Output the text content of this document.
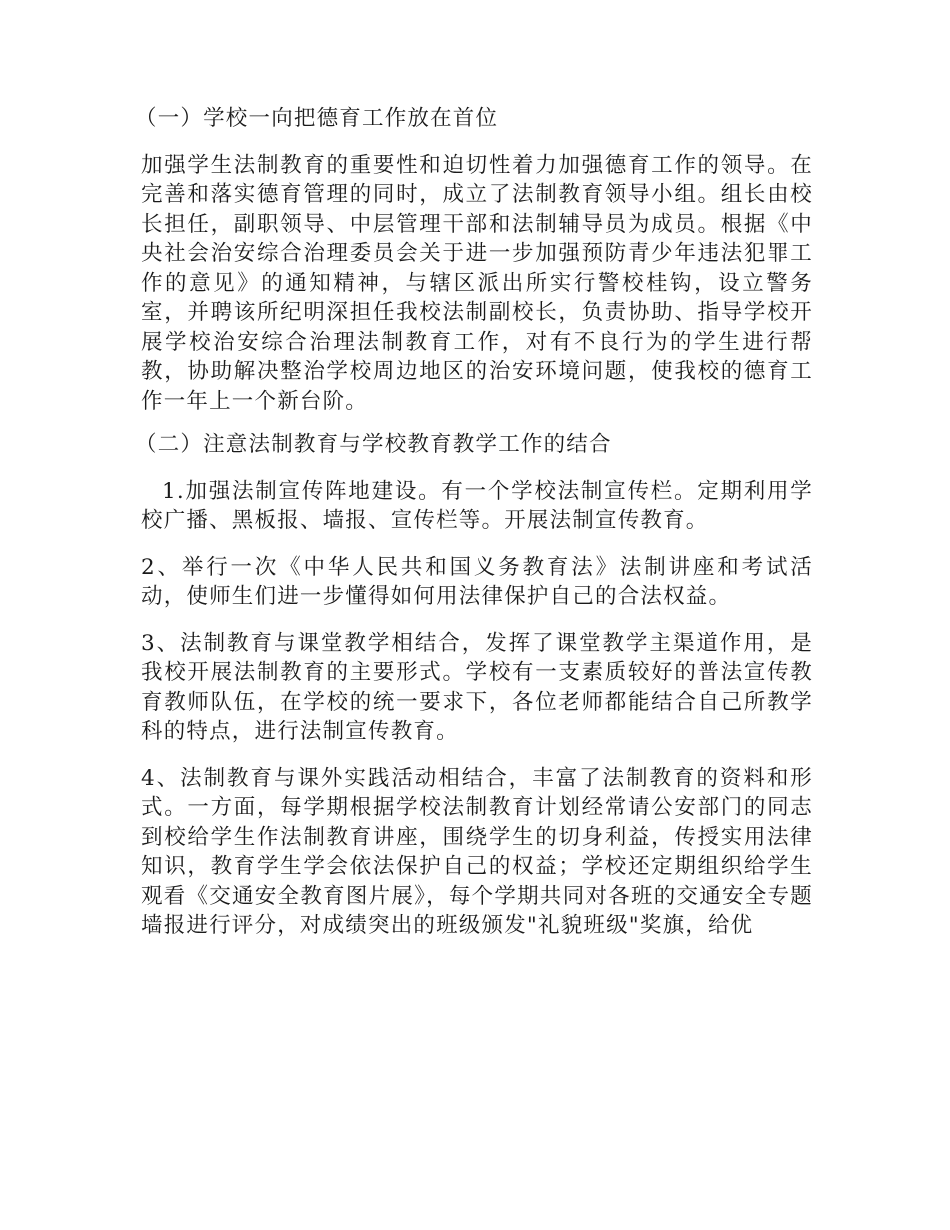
（一）学校一向把德育工作放在首位

加强学生法制教育的重要性和迫切性着力加强德育工作的领导。在完善和落实德育管理的同时，成立了法制教育领导小组。组长由校长担任，副职领导、中层管理干部和法制辅导员为成员。根据《中央社会治安综合治理委员会关于进一步加强预防青少年违法犯罪工作的意见》的通知精神，与辖区派出所实行警校桂钩，设立警务室，并聘该所纪明深担任我校法制副校长，负责协助、指导学校开展学校治安综合治理法制教育工作，对有不良行为的学生进行帮教，协助解决整治学校周边地区的治安环境问题，使我校的德育工作一年上一个新台阶。

（二）注意法制教育与学校教育教学工作的结合

1.加强法制宣传阵地建设。有一个学校法制宣传栏。定期利用学校广播、黑板报、墙报、宣传栏等。开展法制宣传教育。

2、举行一次《中华人民共和国义务教育法》法制讲座和考试活动，使师生们进一步懂得如何用法律保护自己的合法权益。

3、法制教育与课堂教学相结合，发挥了课堂教学主渠道作用，是我校开展法制教育的主要形式。学校有一支素质较好的普法宣传教育教师队伍，在学校的统一要求下，各位老师都能结合自己所教学科的特点，进行法制宣传教育。

4、法制教育与课外实践活动相结合，丰富了法制教育的资料和形式。一方面，每学期根据学校法制教育计划经常请公安部门的同志到校给学生作法制教育讲座，围绕学生的切身利益，传授实用法律知识，教育学生学会依法保护自己的权益；学校还定期组织给学生观看《交通安全教育图片展》，每个学期共同对各班的交通安全专题墙报进行评分，对成绩突出的班级颁发"礼貌班级"奖旗，给优
